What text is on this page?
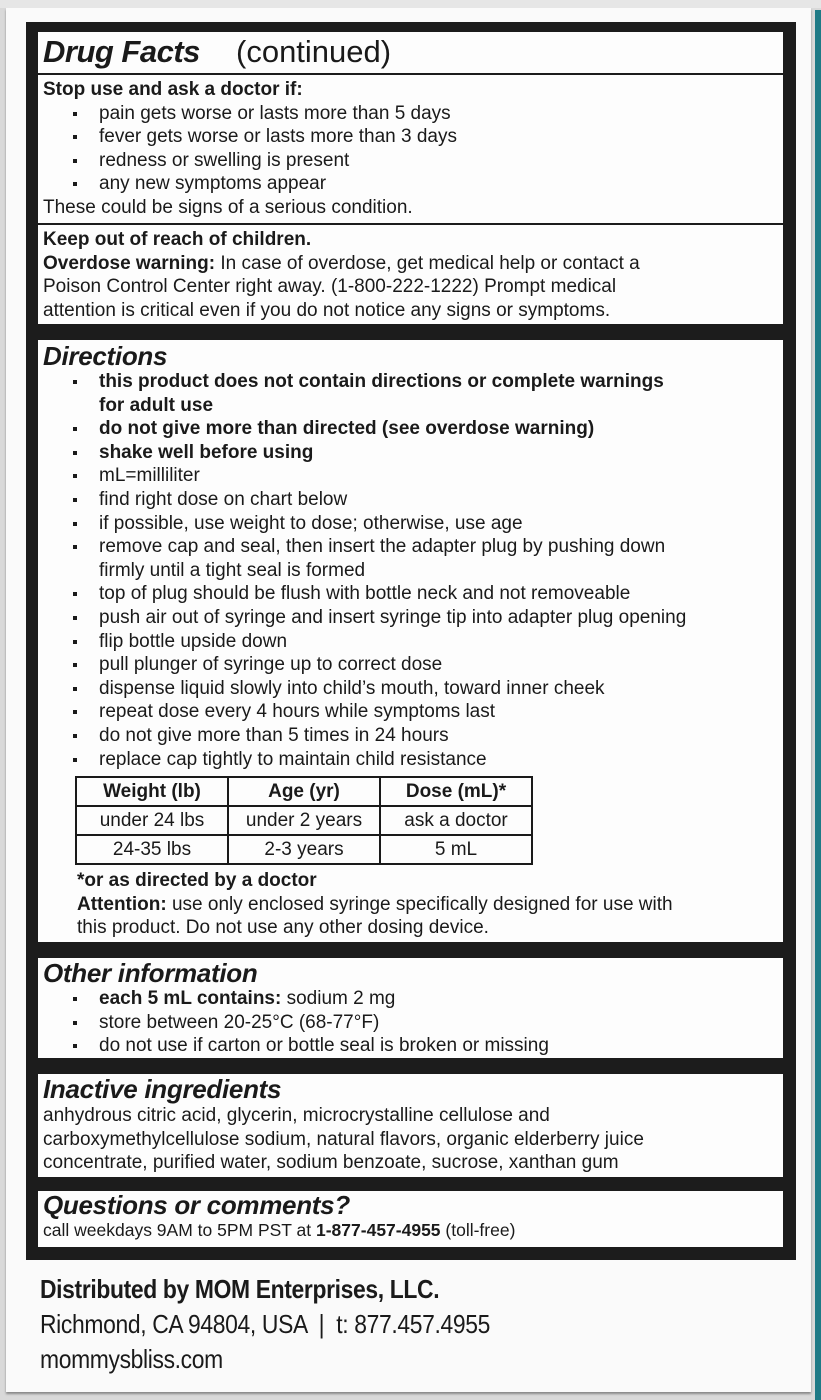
Drug Facts (continued)
Stop use and ask a doctor if:
pain gets worse or lasts more than 5 days
fever gets worse or lasts more than 3 days
redness or swelling is present
any new symptoms appear
These could be signs of a serious condition.
Keep out of reach of children.
Overdose warning: In case of overdose, get medical help or contact a
Poison Control Center right away. (1-800-222-1222) Prompt medical
attention is critical even if you do not notice any signs or symptoms.
Directions
this product does not contain directions or complete warnings
for adult use
do not give more than directed (see overdose warning)
shake well before using
mL=milliliter
find right dose on chart below
if possible, use weight to dose; otherwise, use age
remove cap and seal, then insert the adapter plug by pushing down
firmly until a tight seal is formed
top of plug should be flush with bottle neck and not removeable
push air out of syringe and insert syringe tip into adapter plug opening
flip bottle upside down
pull plunger of syringe up to correct dose
dispense liquid slowly into child’s mouth, toward inner cheek
repeat dose every 4 hours while symptoms last
do not give more than 5 times in 24 hours
replace cap tightly to maintain child resistance
Weight (lb)	Age (yr)	Dose (mL)*
under 24 lbs	under 2 years	ask a doctor
24-35 lbs	2-3 years	5 mL
*or as directed by a doctor
Attention: use only enclosed syringe specifically designed for use with
this product. Do not use any other dosing device.
Other information
each 5 mL contains: sodium 2 mg
store between 20-25°C (68-77°F)
do not use if carton or bottle seal is broken or missing
Inactive ingredients
anhydrous citric acid, glycerin, microcrystalline cellulose and
carboxymethylcellulose sodium, natural flavors, organic elderberry juice
concentrate, purified water, sodium benzoate, sucrose, xanthan gum
Questions or comments?
call weekdays 9AM to 5PM PST at 1-877-457-4955 (toll-free)
Distributed by MOM Enterprises, LLC.
Richmond, CA 94804, USA  |  t: 877.457.4955
mommysbliss.com
